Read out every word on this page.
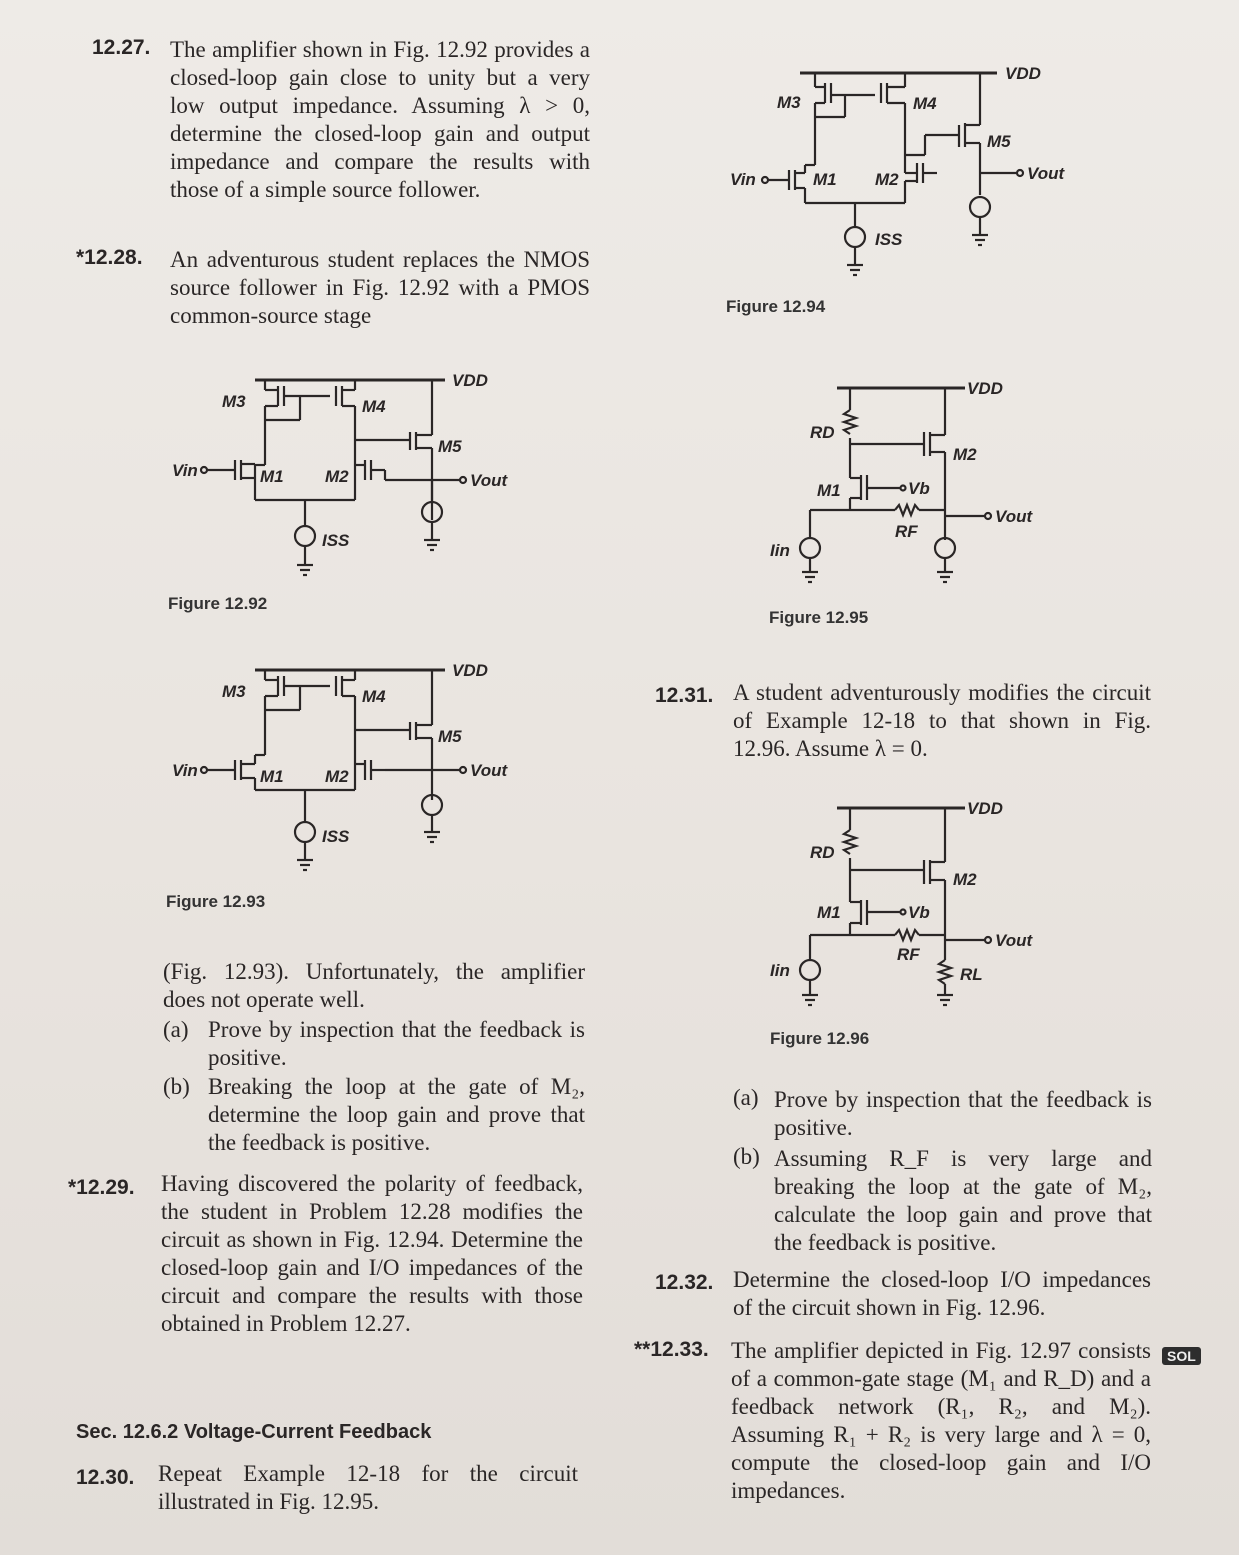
12.27. The amplifier shown in Fig. 12.92 provides a closed-loop gain close to unity but a very low output impedance. Assuming λ > 0, determine the closed-loop gain and output impedance and compare the results with those of a simple source follower.
*12.28. An adventurous student replaces the NMOS source follower in Fig. 12.92 with a PMOS common-source stage
VDD
M3	M4
M5
Vin	M1 M2
ISS
Vout
Figure 12.92
VDD
M3	M4
M5
Vin	M1 M2
ISS
Vout
Figure 12.93
(Fig. 12.93). Unfortunately, the amplifier does not operate well.
(a) Prove by inspection that the feedback is positive.
(b) Breaking the loop at the gate of M₂, determine the loop gain and prove that the feedback is positive.
*12.29. Having discovered the polarity of feedback, the student in Problem 12.28 modifies the circuit as shown in Fig. 12.94. Determine the closed-loop gain and I/O impedances of the circuit and compare the results with those obtained in Problem 12.27.
Sec. 12.6.2 Voltage-Current Feedback
12.30. Repeat Example 12-18 for the circuit illustrated in Fig. 12.95.
VDD
M3	M4
M5
Vin	M1 M2
ISS
Vout
Figure 12.94
VDD
RD
M2
Vb
M1
RF
Vout
Iin
Figure 12.95
12.31. A student adventurously modifies the circuit of Example 12-18 to that shown in Fig. 12.96. Assume λ = 0.
VDD
RD
M2
Vb
M1
RF
Vout
Iin	RL
Figure 12.96
(a) Prove by inspection that the feedback is positive.
(b) Assuming R_F is very large and breaking the loop at the gate of M₂, calculate the loop gain and prove that the feedback is positive.
12.32. Determine the closed-loop I/O impedances of the circuit shown in Fig. 12.96.
**12.33. The amplifier depicted in Fig. 12.97 consists of a common-gate stage (M₁ and R_D) and a feedback network (R₁, R₂, and M₂). Assuming R₁ + R₂ is very large and λ = 0, compute the closed-loop gain and I/O impedances.
SOL
